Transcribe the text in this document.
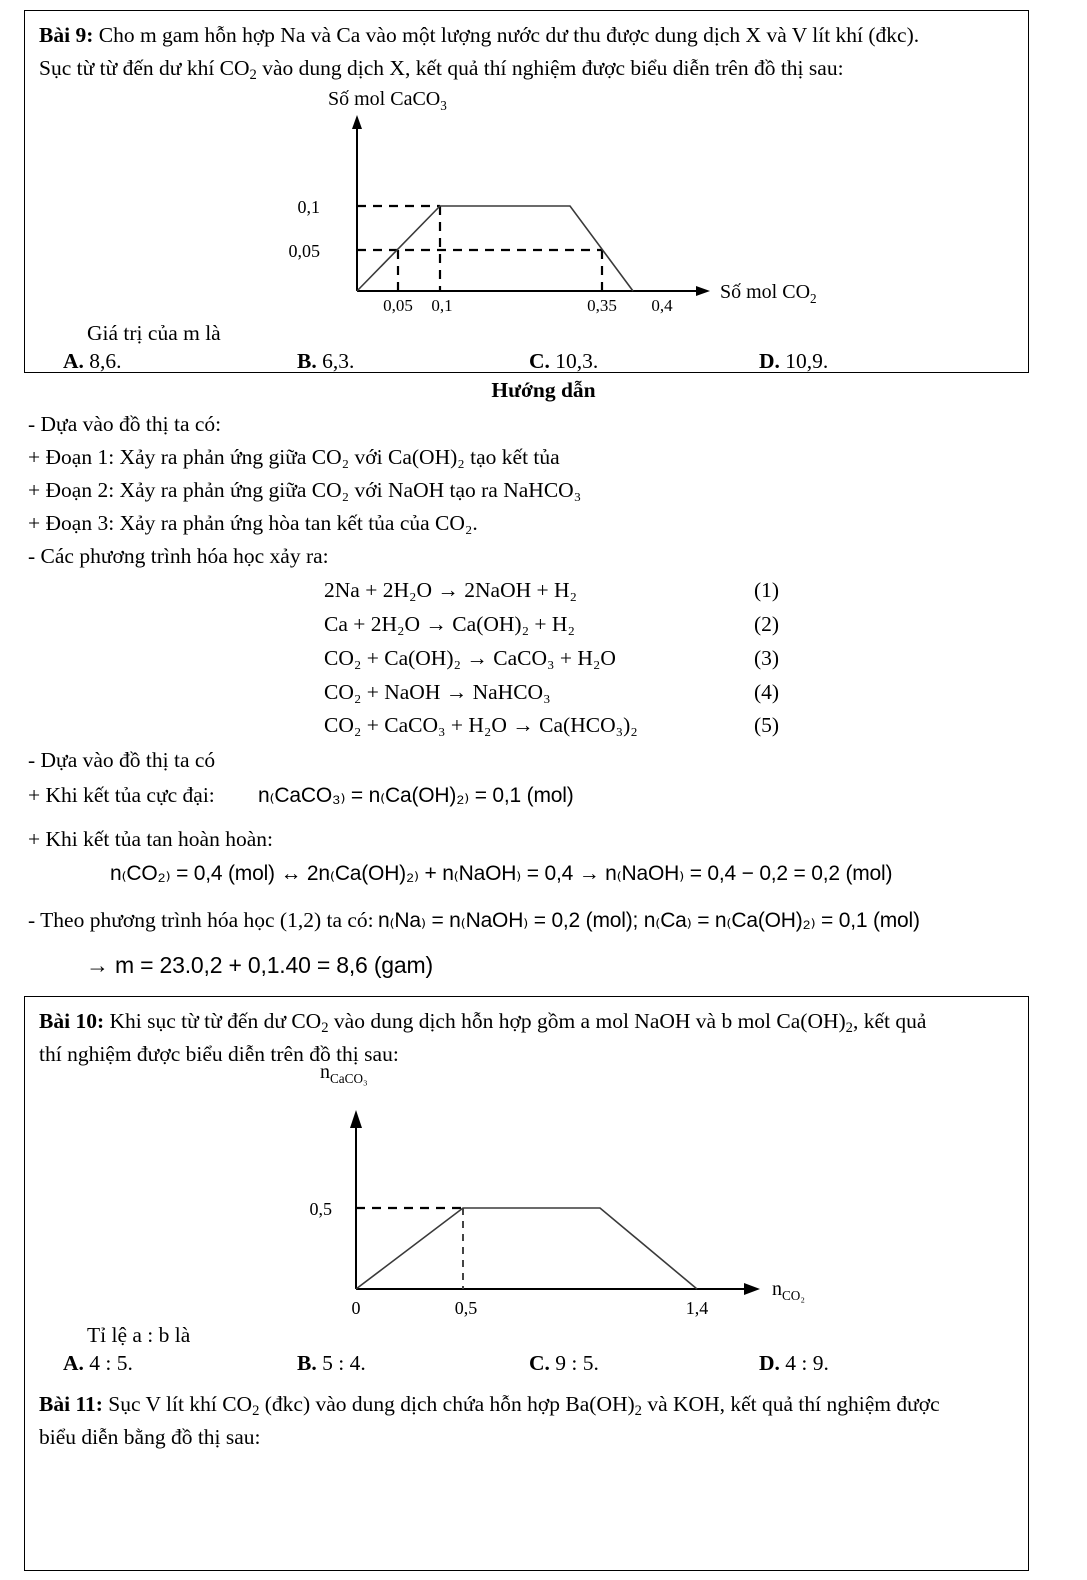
Bài 9: Cho m gam hỗn hợp Na và Ca vào một lượng nước dư thu được dung dịch X và V lít khí (đkc).
Sục từ từ đến dư khí $CO_2$ vào dung dịch X, kết quả thí nghiệm được biểu diễn trên đồ thị sau:
Số mol CaCO$_3$
Số mol $CO_2$
0,1
0,05
0,05 0,1	0,35 0,4
Giá trị của m là
A. 8,6.	B. 6,3.	C. 10,3.	D. 10,9.
Hướng dẫn
- Dựa vào đồ thị ta có:
+ Đoạn 1: Xảy ra phản ứng giữa CO₂ với Ca(OH)₂ tạo kết tủa
+ Đoạn 2: Xảy ra phản ứng giữa CO₂ với NaOH tạo ra NaHCO₃
+ Đoạn 3: Xảy ra phản ứng hòa tan kết tủa của CO₂.
- Các phương trình hóa học xảy ra:
2Na + 2H₂O → 2NaOH + H₂	(1)
Ca + 2H₂O → Ca(OH)₂ + H₂	(2)
CO₂ + Ca(OH)₂ → CaCO₃ + H₂O	(3)
CO₂ + NaOH → NaHCO₃	(4)
CO₂ + CaCO₃ + H₂O → Ca(HCO₃)₂	(5)
- Dựa vào đồ thị ta có
+ Khi kết tủa cực đại: n₍CaCO₃₎ = n₍Ca(OH)₂₎ = 0,1 (mol)
+ Khi kết tủa tan hoàn hoàn:
n₍CO₂₎ = 0,4 (mol) ↔ 2n₍Ca(OH)₂₎ + n₍NaOH₎ = 0,4 → n₍NaOH₎ = 0,4 − 0,2 = 0,2 (mol)
- Theo phương trình hóa học (1,2) ta có: n₍Na₎ = n₍NaOH₎ = 0,2 (mol); n₍Ca₎ = n₍Ca(OH)₂₎ = 0,1 (mol)
→ m = 23.0,2 + 0,1.40 = 8,6 (gam)
Bài 10: Khi sục từ từ đến dư $CO_2$ vào dung dịch hỗn hợp gồm a mol NaOH và b mol $Ca(OH)_2$, kết quả
thí nghiệm được biểu diễn trên đồ thị sau:
$n_{CaCO_3}$
$n_{CO_2}$
0,5
0	0,5	1,4
Tỉ lệ a : b là
A. 4 : 5.	B. 5 : 4.	C. 9 : 5.	D. 4 : 9.
Bài 11: Sục V lít khí $CO_2$ (đkc) vào dung dịch chứa hỗn hợp $Ba(OH)_2$ và KOH, kết quả thí nghiệm được
biểu diễn bằng đồ thị sau:
